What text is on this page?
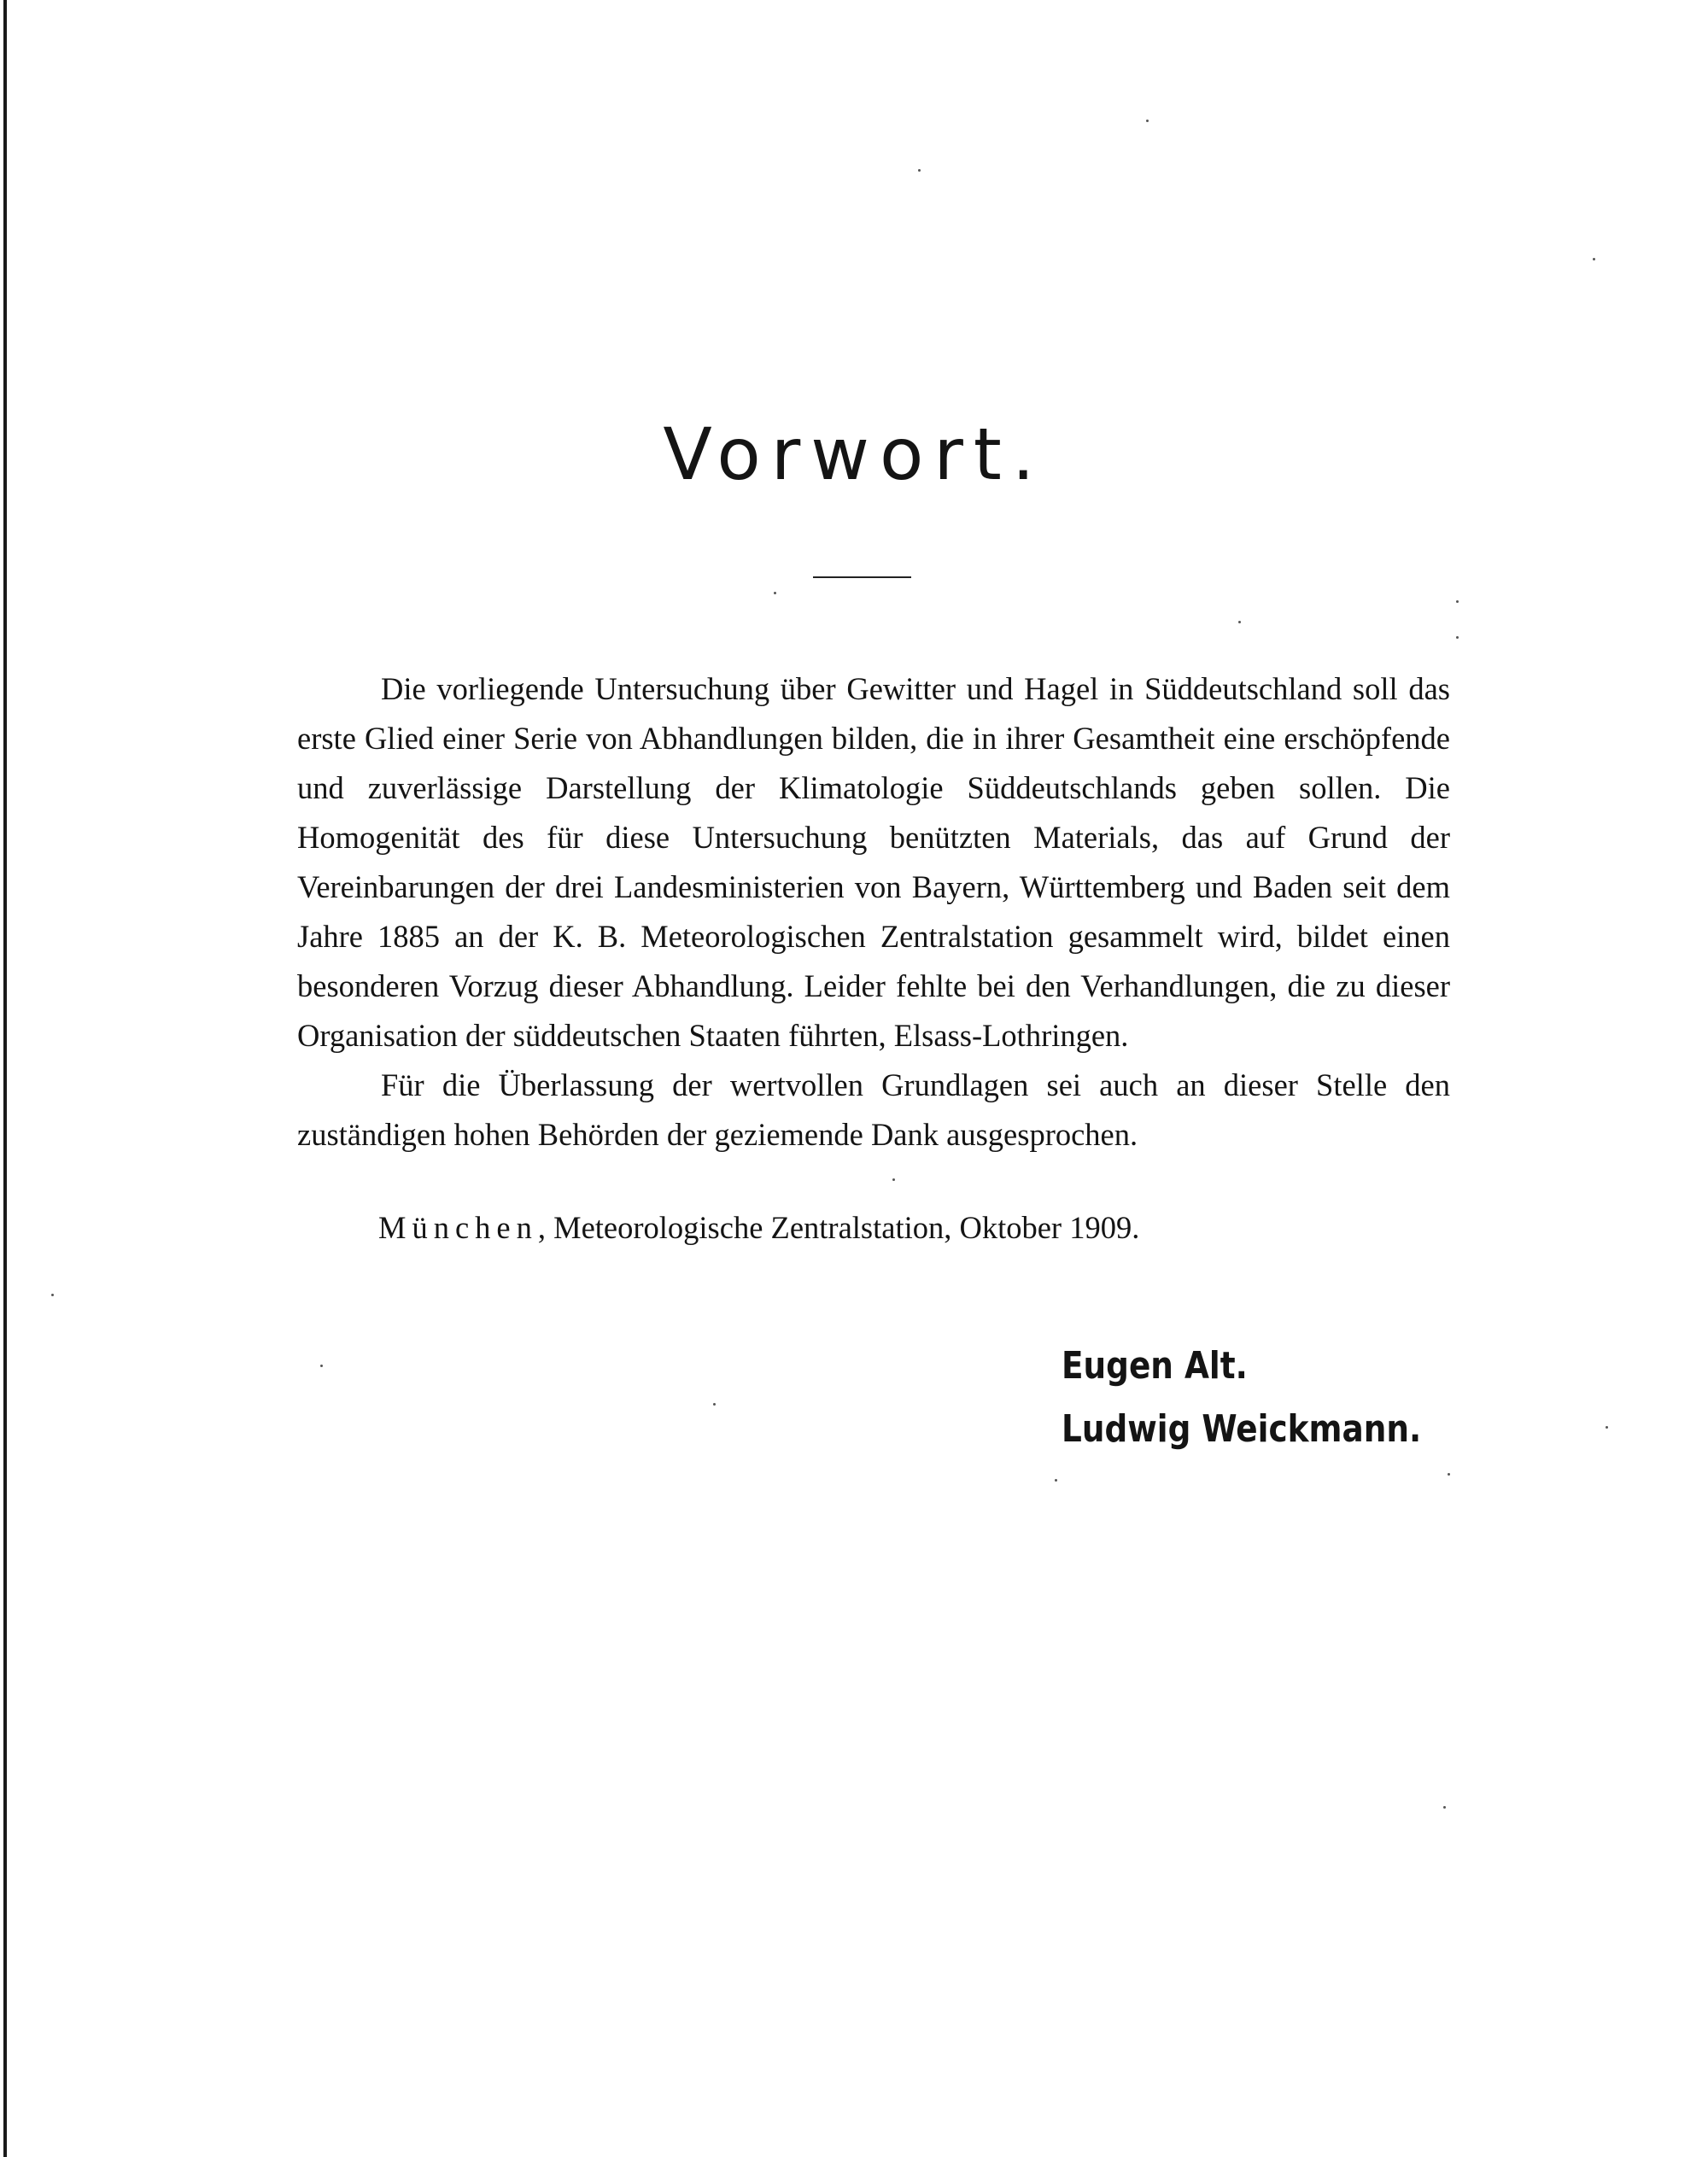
Vorwort.

Die vorliegende Untersuchung über Gewitter und Hagel in Süddeutschland soll das erste Glied einer Serie von Abhandlungen bilden, die in ihrer Gesamtheit eine erschöpfende und zuverlässige Darstellung der Klimatologie Süddeutschlands geben sollen. Die Homogenität des für diese Untersuchung benützten Materials, das auf Grund der Vereinbarungen der drei Landesministerien von Bayern, Württemberg und Baden seit dem Jahre 1885 an der K. B. Meteorologischen Zentralstation gesammelt wird, bildet einen besonderen Vorzug dieser Abhandlung. Leider fehlte bei den Verhandlungen, die zu dieser Organisation der süddeutschen Staaten führten, Elsass-Lothringen.

Für die Überlassung der wertvollen Grundlagen sei auch an dieser Stelle den zuständigen hohen Behörden der geziemende Dank ausgesprochen.

München, Meteorologische Zentralstation, Oktober 1909.
Eugen Alt.
Ludwig Weickmann.
